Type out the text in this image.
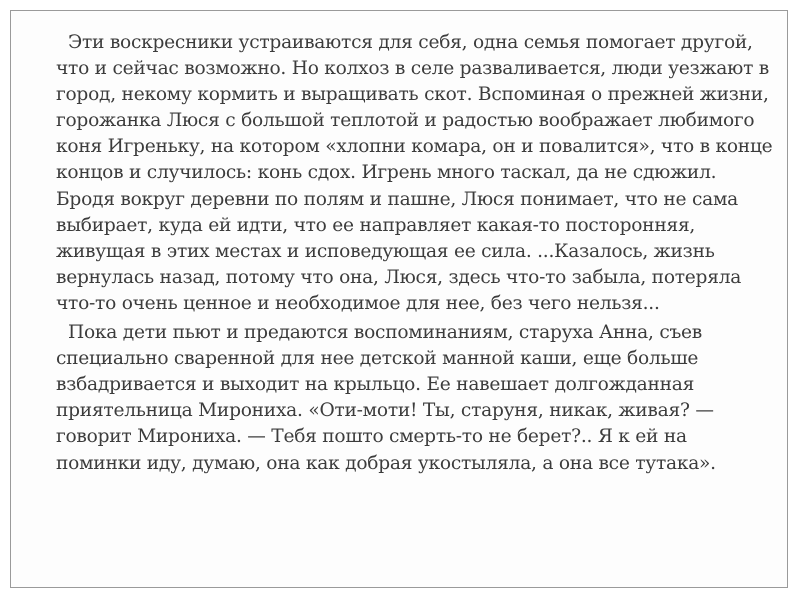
Эти воскресники устраиваются для себя, одна семья помогает другой, что и сейчас возможно. Но колхоз в селе разваливается, люди уезжают в город, некому кормить и выращивать скот. Вспоминая о прежней жизни, горожанка Люся с большой теплотой и радостью воображает любимого коня Игреньку, на котором «хлопни комара, он и повалится», что в конце концов и случилось: конь сдох. Игрень много таскал, да не сдюжил. Бродя вокруг деревни по полям и пашне, Люся понимает, что не сама выбирает, куда ей идти, что ее направляет какая-то посторонняя, живущая в этих местах и исповедующая ее сила. ...Казалось, жизнь вернулась назад, потому что она, Люся, здесь что-то забыла, потеряла что-то очень ценное и необходимое для нее, без чего нельзя...

Пока дети пьют и предаются воспоминаниям, старуха Анна, съев специально сваренной для нее детской манной каши, еще больше взбадривается и выходит на крыльцо. Ее навешает долгожданная приятельница Мирониха. «Оти-моти! Ты, старуня, никак, живая? — говорит Мирониха. — Тебя пошто смерть-то не берет?.. Я к ей на поминки иду, думаю, она как добрая укостыляла, а она все тутака».
